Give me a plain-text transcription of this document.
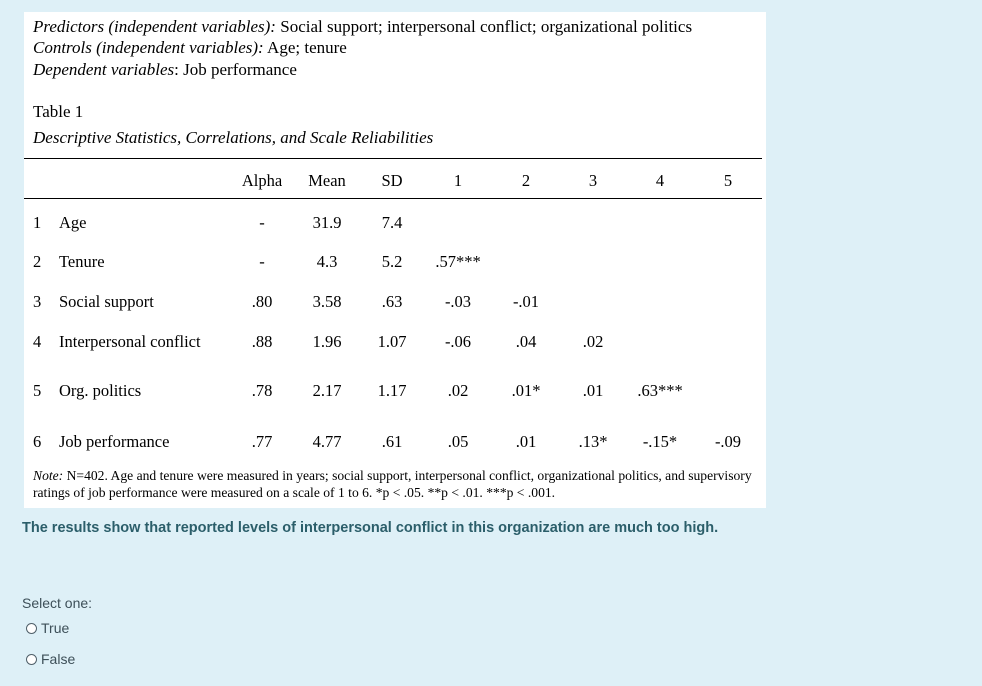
Predictors (independent variables): Social support; interpersonal conflict; organizational politics
Controls (independent variables): Age; tenure
Dependent variables: Job performance
Table 1
Descriptive Statistics, Correlations, and Scale Reliabilities
Alpha Mean SD	1	2	3	4	5
1 Age	-	31.9 7.4
2 Tenure	-	4.3	5.2 .57***
3 Social support	.80 3.58 .63	-.03	-.01
4 Interpersonal conflict	.88 1.96 1.07 -.06	.04	.02
5 Org. politics	.78 2.17 1.17	.02	.01*	.01 .63***
6 Job performance	.77 4.77 .61	.05	.01	.13* -.15* -.09
Note: N=402. Age and tenure were measured in years; social support, interpersonal conflict, organizational politics, and supervisory ratings of job performance were measured on a scale of 1 to 6. *p < .05. **p < .01. ***p < .001.
The results show that reported levels of interpersonal conflict in this organization are much too high.
Select one:
True
False
